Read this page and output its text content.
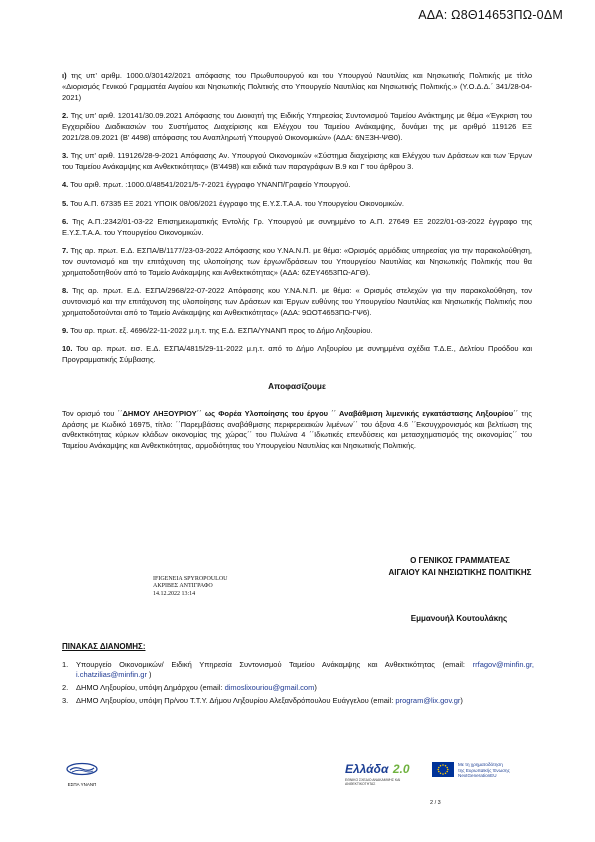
ΑΔΑ: Ω8Θ14653ΠΩ-0ΔΜ

ι) της υπ’ αριθμ. 1000.0/30142/2021 απόφασης του Πρωθυπουργού και του Υπουργού Ναυτιλίας και Νησιωτικής Πολιτικής με τίτλο «Διορισμός Γενικού Γραμματέα Αιγαίου και Νησιωτικής Πολιτικής στο Υπουργείο Ναυτιλίας και Νησιωτικής Πολιτικής.» (Υ.Ο.Δ.Δ.΄ 341/28-04-2021)

2. Της υπ’ αριθ. 120141/30.09.2021 Απόφασης του Διοικητή της Ειδικής Υπηρεσίας Συντονισμού Ταμείου Ανάκτημης με θέμα «Έγκριση του Εγχειριδίου Διαδικασιών του Συστήματος Διαχείρισης και Ελέγχου του Ταμείου Ανάκαμψης, δυνάμει της με αριθμό 119126 ΕΞ 2021/28.09.2021 (Β’ 4498) απόφασης του Αναπληρωτή Υπουργού Οικονομικών» (ΑΔΑ: 6ΝΞ3Η-ΨΘ0).

3. Της υπ’ αριθ. 119126/28-9-2021 Απόφασης Αν. Υπουργού Οικονομικών «Σύστημα διαχείρισης και Ελέγχου των Δράσεων και των Έργων του Ταμείου Ανάκαμψης και Ανθεκτικότητας» (Β’4498) και ειδικά των παραγράφων Β.9 και Γ του άρθρου 3.

4. Του αριθ. πρωτ. :1000.0/48541/2021/5-7-2021 έγγραφο ΥΝΑΝΠ/Γραφείο Υπουργού.

5. Του Α.Π. 67335 ΕΞ 2021 ΥΠΟΙΚ 08/06/2021 έγγραφο της Ε.Υ.Σ.Τ.Α.Α. του Υπουργείου Οικονομικών.

6. Της Α.Π.:2342/01-03-22 Επισημειωματικής Εντολής Γρ. Υπουργού με συνημμένο το Α.Π. 27649 ΕΞ 2022/01-03-2022 έγγραφο της Ε.Υ.Σ.Τ.Α.Α. του Υπουργείου Οικονομικών.

7. Της αρ. πρωτ. Ε.Δ. ΕΣΠΑ/Β/1177/23-03-2022 Απόφασης κου Υ.ΝΑ.Ν.Π. με θέμα: «Ορισμός αρμόδιας υπηρεσίας για την παρακολούθηση, τον συντονισμό και την επιτάχυνση της υλοποίησης των έργων/δράσεων του Υπουργείου Ναυτιλίας και Νησιωτικής Πολιτικής που θα χρηματοδοτηθούν από το Ταμείο Ανάκαμψης και Ανθεκτικότητας» (ΑΔΑ: 6ΖΕΥ4653ΠΩ-ΑΓΘ).

8. Της αρ. πρωτ. Ε.Δ. ΕΣΠΑ/2968/22-07-2022 Απόφασης κου Υ.ΝΑ.Ν.Π. με θέμα: « Ορισμός στελεχών για την παρακολούθηση, τον συντονισμό και την επιτάχυνση της υλοποίησης των Δράσεων και Έργων ευθύνης του Υπουργείου Ναυτιλίας και Νησιωτικής Πολιτικής που χρηματοδοτούνται από το Ταμείο Ανάκαμψης και Ανθεκτικότητας» (ΑΔΑ: 9ΩΟΤ4653ΠΩ-ΓΨ6).

9. Του αρ. πρωτ. εξ. 4696/22-11-2022 μ.η.τ. της Ε.Δ. ΕΣΠΑ/ΥΝΑΝΠ προς το Δήμο Ληξουρίου.

10. Του αρ. πρωτ. εισ. Ε.Δ. ΕΣΠΑ/4815/29-11-2022 μ.η.τ. από το Δήμο Ληξουρίου με συνημμένα σχέδια Τ.Δ.Ε., Δελτίου Προόδου και Προγραμματικής Σύμβασης.

Αποφασίζουμε

Τον ορισμό του ΄΄ΔΗΜΟΥ ΛΗΞΟΥΡΙΟΥ΄΄ ως Φορέα Υλοποίησης του έργου ΄΄ Αναβάθμιση λιμενικής εγκατάστασης Ληξουρίου΄΄ της Δράσης με Κωδικό 16975, τίτλο: ΄΄Παρεμβάσεις αναβάθμισης περιφερειακών λιμένων΄΄ του άξονα 4.6 ΄΄Εκσυγχρονισμός και βελτίωση της ανθεκτικότητας κύριων κλάδων οικονομίας της χώρας΄΄ του Πυλώνα 4 ΄΄Ιδιωτικές επενδύσεις και μετασχηματισμός της οικονομίας΄΄ του Ταμείου Ανάκαμψης και Ανθεκτικότητας, αρμοδιότητας του Υπουργείου Ναυτιλίας και Νησιωτικής Πολιτικής.

Ο ΓΕΝΙΚΟΣ ΓΡΑΜΜΑΤΕΑΣ
ΑΙΓΑΙΟΥ ΚΑΙ ΝΗΣΙΩΤΙΚΗΣ ΠΟΛΙΤΙΚΗΣ
IFIGENEIA SPYROPOULOU
ΑΚΡΙΒΕΣ ΑΝΤΙΓΡΑΦΟ
14.12.2022 13:14
Εμμανουήλ Κουτουλάκης
ΠΙΝΑΚΑΣ ΔΙΑΝΟΜΗΣ:
1.	Υπουργείο Οικονομικών/ Ειδική Υπηρεσία Συντονισμού Ταμείου Ανάκαμψης και Ανθεκτικότητας (email: rrfagov@minfin.gr, i.chatzilias@minfin.gr )
2.	ΔΗΜΟ Ληξουρίου, υπόψη Δημάρχου (email: dimoslixouriou@gmail.com)
3.	ΔΗΜΟ Ληξουρίου, υπόψη Πρ/νου Τ.Τ.Υ. Δήμου Ληξουρίου Αλεξανδρόπουλου Ευάγγελου (email: program@lix.gov.gr)
ΕΣΠΑ ΥΝΑΝΠ
Ελλάδα 2.0
ΕΘΝΙΚΟ ΣΧΕΔΙΟ ΑΝΑΚΑΜΨΗΣ ΚΑΙ ΑΝΘΕΚΤΙΚΟΤΗΤΑΣ
Με τη χρηματοδότηση
της Ευρωπαϊκής Ένωσης
NextGenerationEU
2 / 3
